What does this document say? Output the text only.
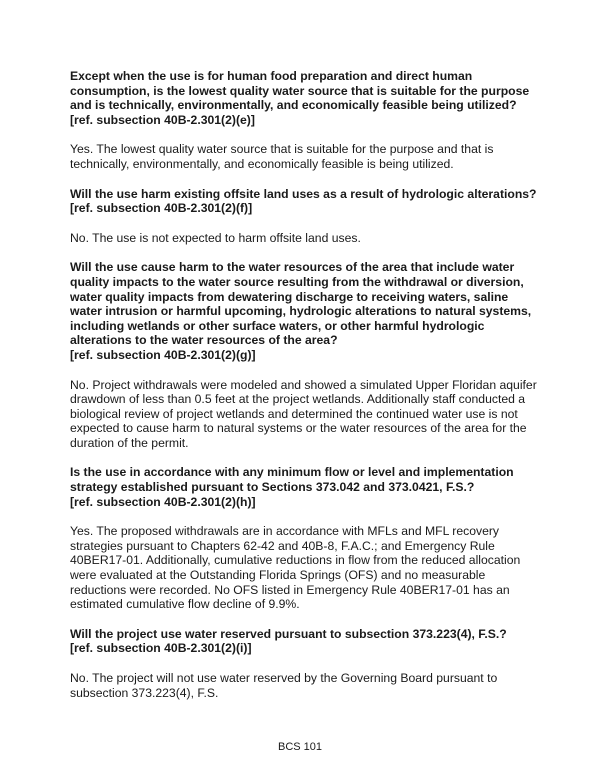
Except when the use is for human food preparation and direct human consumption, is the lowest quality water source that is suitable for the purpose and is technically, environmentally, and economically feasible being utilized?
[ref. subsection 40B-2.301(2)(e)]

Yes. The lowest quality water source that is suitable for the purpose and that is technically, environmentally, and economically feasible is being utilized.

Will the use harm existing offsite land uses as a result of hydrologic alterations?
[ref. subsection 40B-2.301(2)(f)]

No. The use is not expected to harm offsite land uses.

Will the use cause harm to the water resources of the area that include water quality impacts to the water source resulting from the withdrawal or diversion, water quality impacts from dewatering discharge to receiving waters, saline water intrusion or harmful upcoming, hydrologic alterations to natural systems, including wetlands or other surface waters, or other harmful hydrologic alterations to the water resources of the area?
[ref. subsection 40B-2.301(2)(g)]

No. Project withdrawals were modeled and showed a simulated Upper Floridan aquifer drawdown of less than 0.5 feet at the project wetlands. Additionally staff conducted a biological review of project wetlands and determined the continued water use is not expected to cause harm to natural systems or the water resources of the area for the duration of the permit.

Is the use in accordance with any minimum flow or level and implementation strategy established pursuant to Sections 373.042 and 373.0421, F.S.?
[ref. subsection 40B-2.301(2)(h)]

Yes. The proposed withdrawals are in accordance with MFLs and MFL recovery strategies pursuant to Chapters 62-42 and 40B-8, F.A.C.; and Emergency Rule 40BER17-01. Additionally, cumulative reductions in flow from the reduced allocation were evaluated at the Outstanding Florida Springs (OFS) and no measurable reductions were recorded. No OFS listed in Emergency Rule 40BER17-01 has an estimated cumulative flow decline of 9.9%.

Will the project use water reserved pursuant to subsection 373.223(4), F.S.?
[ref. subsection 40B-2.301(2)(i)]

No. The project will not use water reserved by the Governing Board pursuant to subsection 373.223(4), F.S.

BCS 101
